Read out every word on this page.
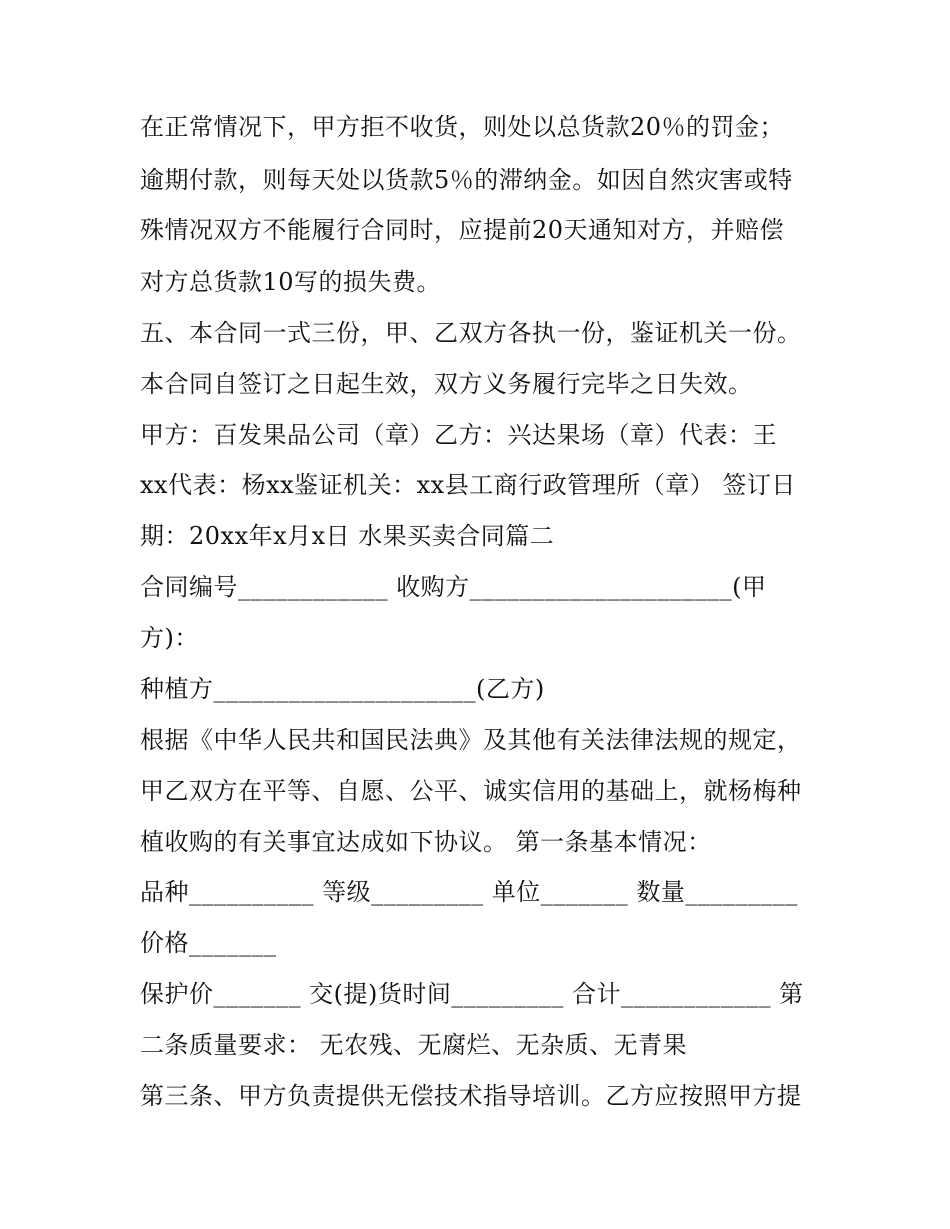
在正常情况下，甲方拒不收货，则处以总货款20％的罚金；
逾期付款，则每天处以货款5％的滞纳金。如因自然灾害或特
殊情况双方不能履行合同时，应提前20天通知对方，并赔偿
对方总货款10写的损失费。
五、本合同一式三份，甲、乙双方各执一份，鉴证机关一份。
本合同自签订之日起生效，双方义务履行完毕之日失效。
甲方：百发果品公司（章）乙方：兴达果场（章）代表：王
xx代表：杨xx鉴证机关：xx县工商行政管理所（章） 签订日
期：20xx年x月x日 水果买卖合同篇二
合同编号____________ 收购方_____________________(甲
方)：
种植方_____________________(乙方)
根据《中华人民共和国民法典》及其他有关法律法规的规定，
甲乙双方在平等、自愿、公平、诚实信用的基础上，就杨梅种
植收购的有关事宜达成如下协议。 第一条基本情况：
品种__________ 等级_________ 单位_______ 数量_________
价格_______
保护价_______ 交(提)货时间_________ 合计____________ 第
二条质量要求： 无农残、无腐烂、无杂质、无青果
第三条、甲方负责提供无偿技术指导培训。乙方应按照甲方提
